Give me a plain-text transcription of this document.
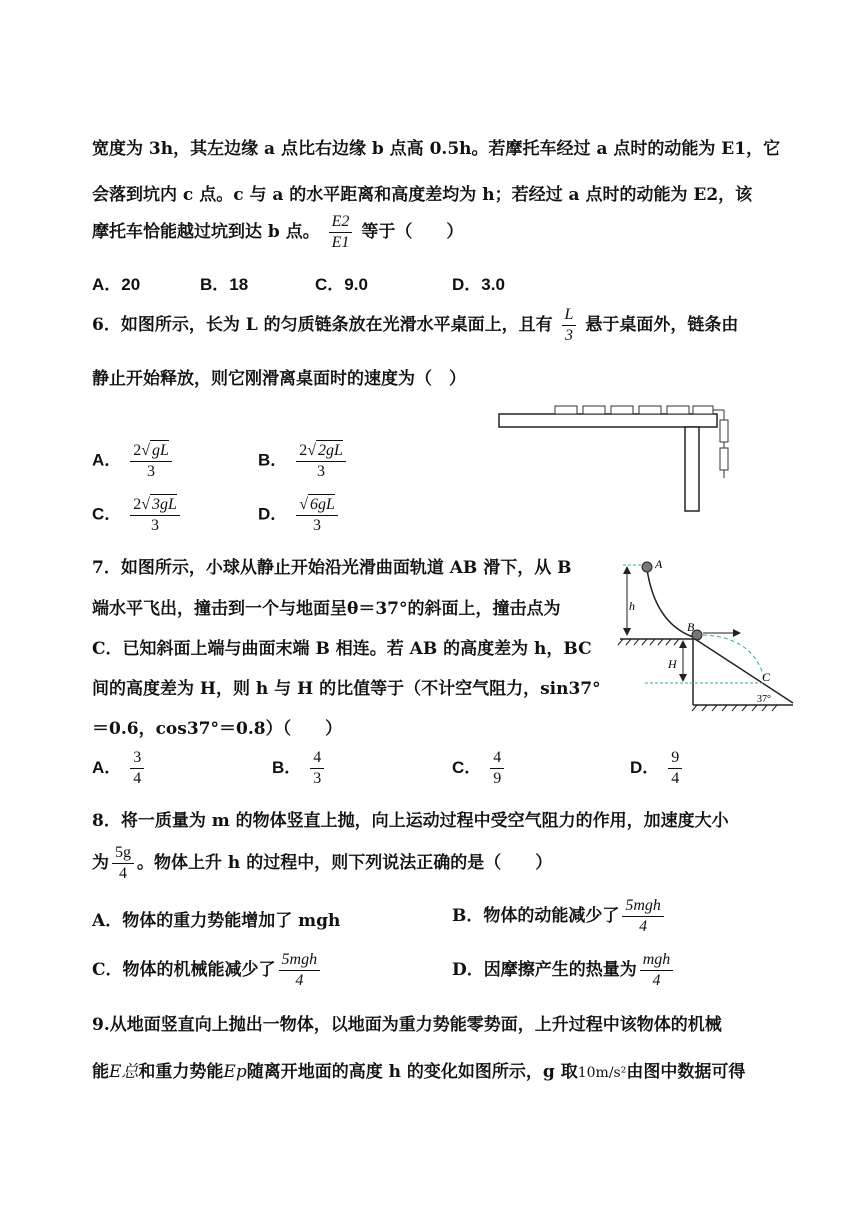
宽度为 3h，其左边缘 a 点比右边缘 b 点高 0.5h。若摩托车经过 a 点时的动能为 E1，它
会落到坑内 c 点。c 与 a 的水平距离和高度差均为 h；若经过 a 点时的动能为 E2，该
摩托车恰能越过坑到达 b 点。 $\frac{E2}{E1}$ 等于（　　）
A．20	B．18	C．9.0	D．3.0
6．如图所示，长为 L 的匀质链条放在光滑水平桌面上，且有 $\frac{L}{3}$ 悬于桌面外，链条由
静止开始释放，则它刚滑离桌面时的速度为（　）
A． $\frac{2√ gL}{3}$	B． $\frac{2√ 2gL}{3}$
C． $\frac{2√ 3gL}{3}$	D． $\frac{√ 6gL}{3}$
7．如图所示，小球从静止开始沿光滑曲面轨道 AB 滑下，从 B
端水平飞出，撞击到一个与地面呈θ＝37°的斜面上，撞击点为
C．已知斜面上端与曲面末端 B 相连。若 AB 的高度差为 h，BC
间的高度差为 H，则 h 与 H 的比值等于（不计空气阻力，sin37°
＝0.6，cos37°＝0.8）（　　）
h
A
B
H
C
37°
A． $\frac{3}{4}$	B． $\frac{4}{3}$	C． $\frac{4}{9}$	D． $\frac{9}{4}$
8．将一质量为 m 的物体竖直上抛，向上运动过程中受空气阻力的作用，加速度大小
为 $\frac{5g}{4}$ 。物体上升 h 的过程中，则下列说法正确的是（　　）
A．物体的重力势能增加了 mgh	B．物体的动能减少了 $\frac{\text{5mgh}}{4}$
C．物体的机械能减少了 $\frac{\text{5mgh}}{4}$	D．因摩擦产生的热量为 $\frac{\text{mgh}}{4}$
9.从地面竖直向上抛出一物体，以地面为重力势能零势面，上升过程中该物体的机械
能E总和重力势能Ep随离开地面的高度 h 的变化如图所示，g 取10m/s²由图中数据可得
